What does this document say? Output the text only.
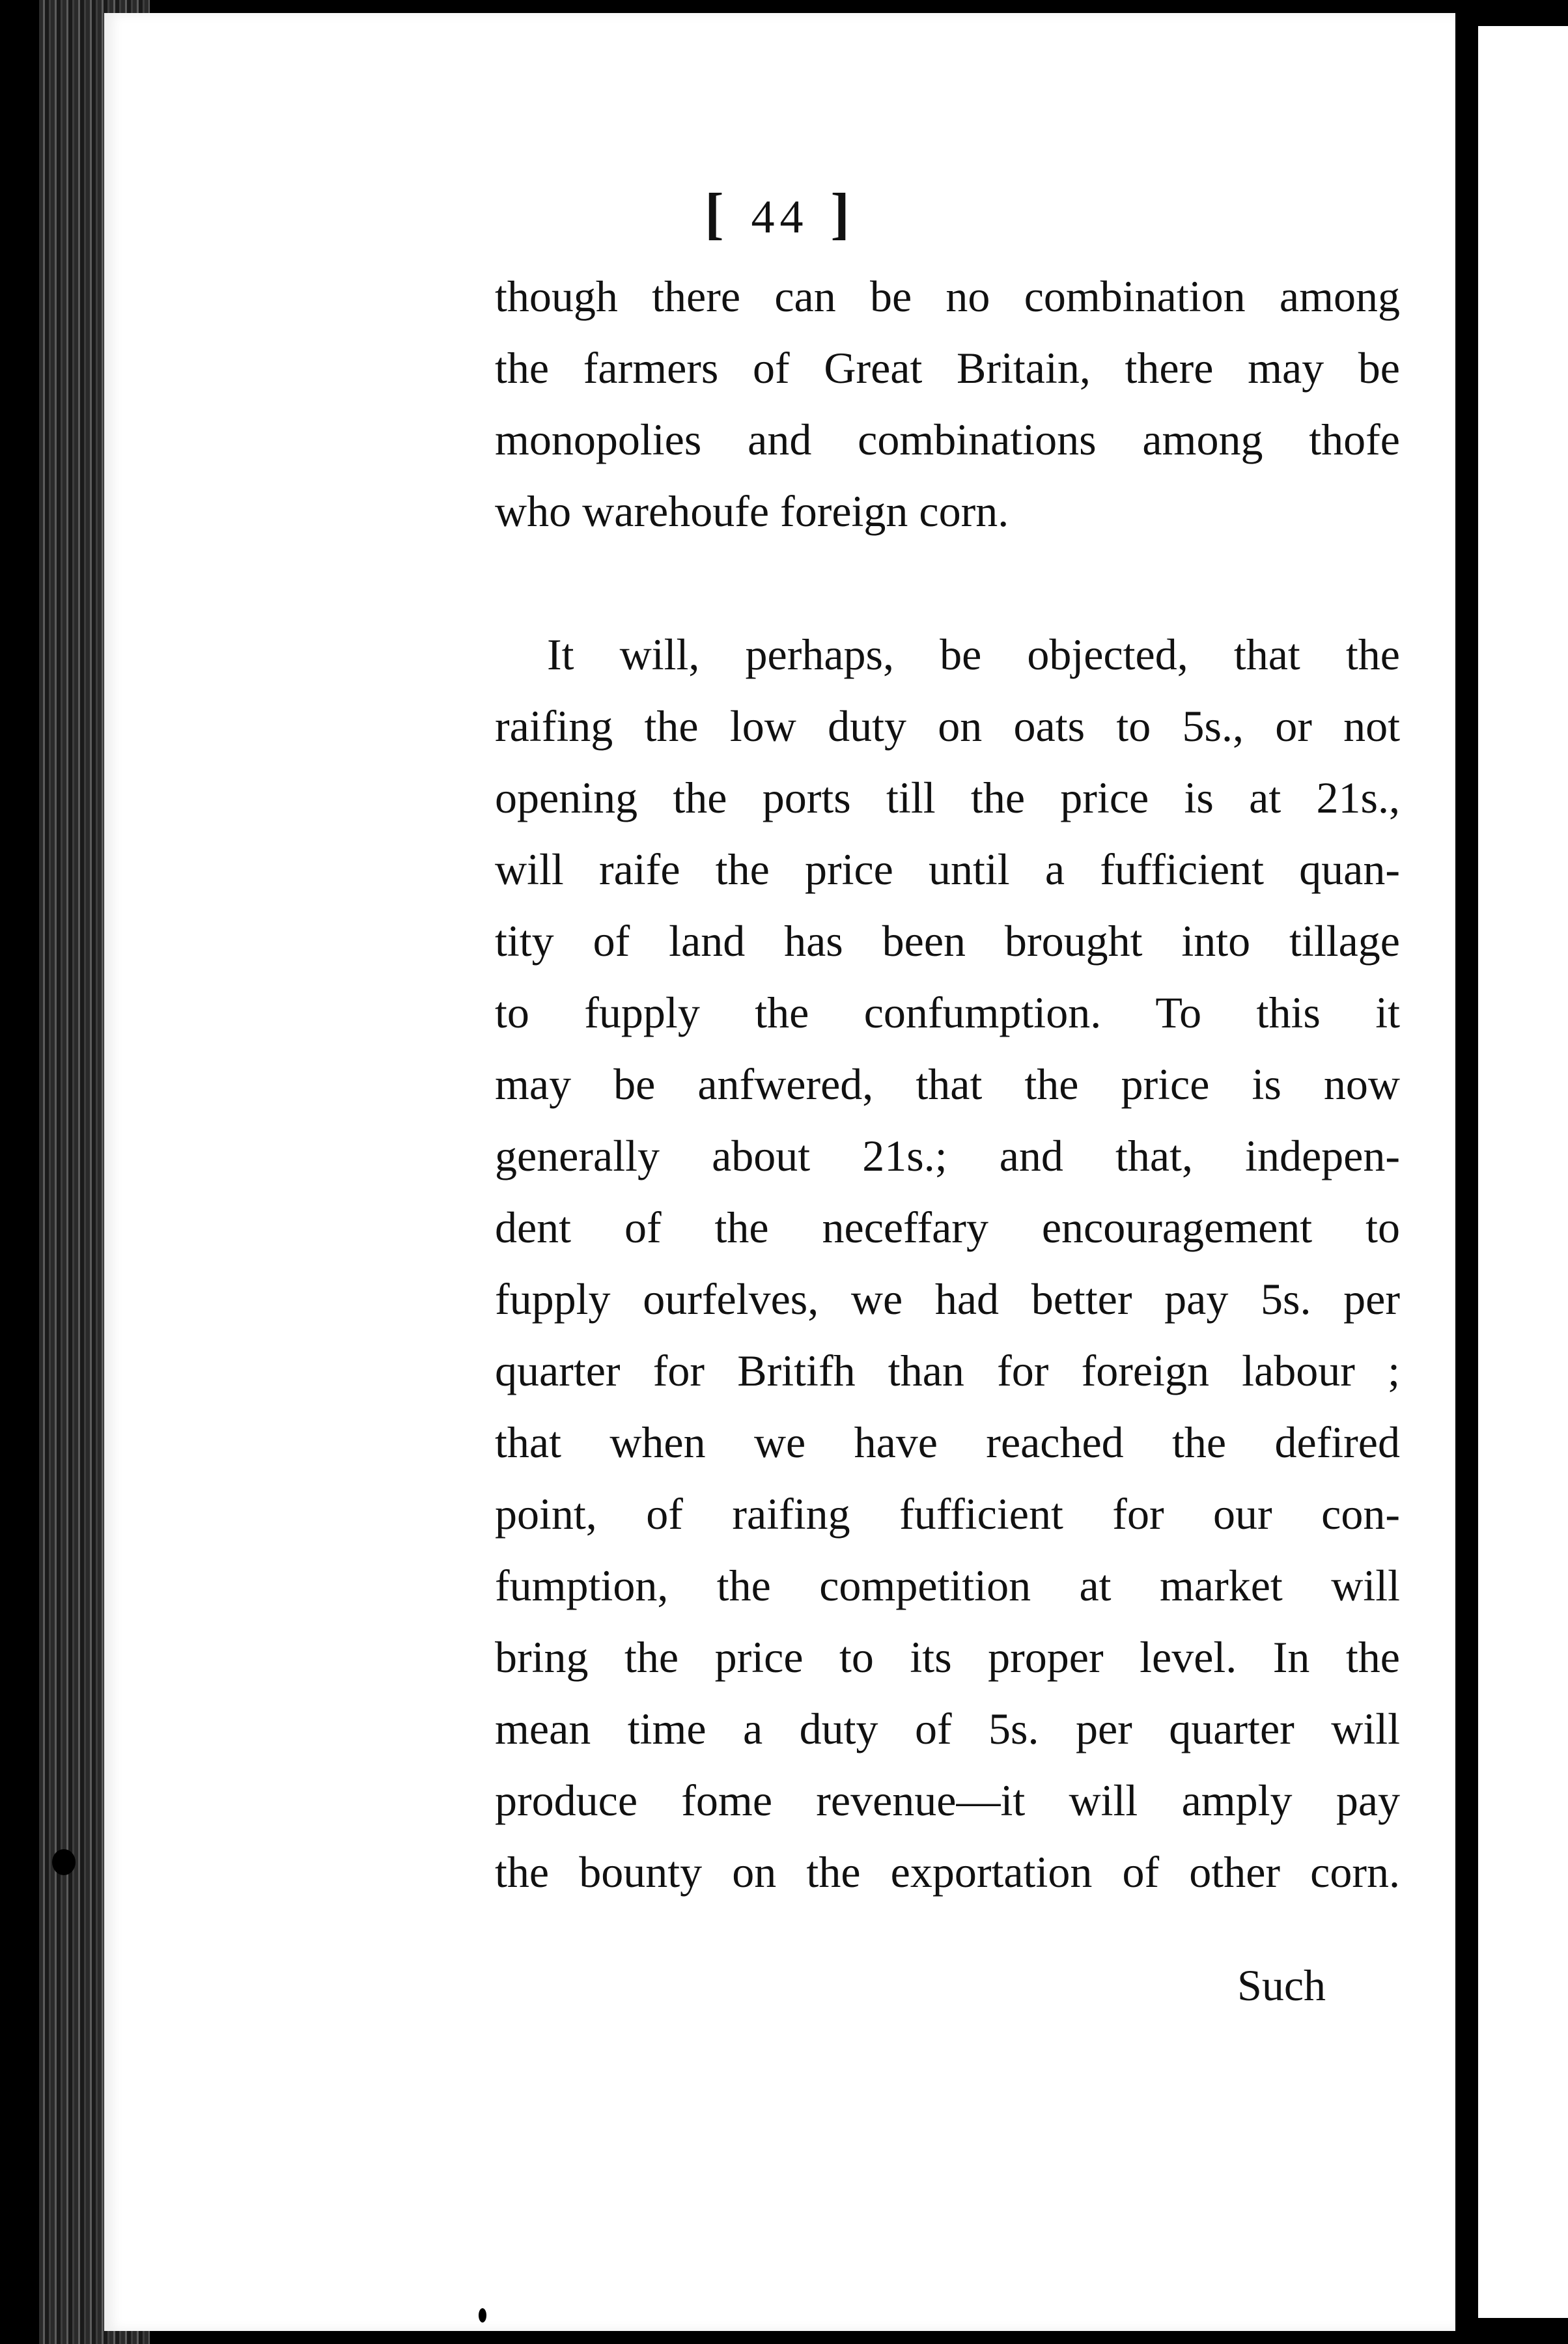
[ 44 ]
though there can be no combination among
the farmers of Great Britain, there may be
monopolies and combinations among thofe
who warehoufe foreign corn.
It will, perhaps, be objected, that the
raifing the low duty on oats to 5s., or not
opening the ports till the price is at 21s.,
will raife the price until a fufficient quan-
tity of land has been brought into tillage
to fupply the confumption. To this it
may be anfwered, that the price is now
generally about 21s.; and that, indepen-
dent of the neceffary encouragement to
fupply ourfelves, we had better pay 5s. per
quarter for Britifh than for foreign labour ;
that when we have reached the defired
point, of raifing fufficient for our con-
fumption, the competition at market will
bring the price to its proper level. In the
mean time a duty of 5s. per quarter will
produce fome revenue—it will amply pay
the bounty on the exportation of other corn.
Such
